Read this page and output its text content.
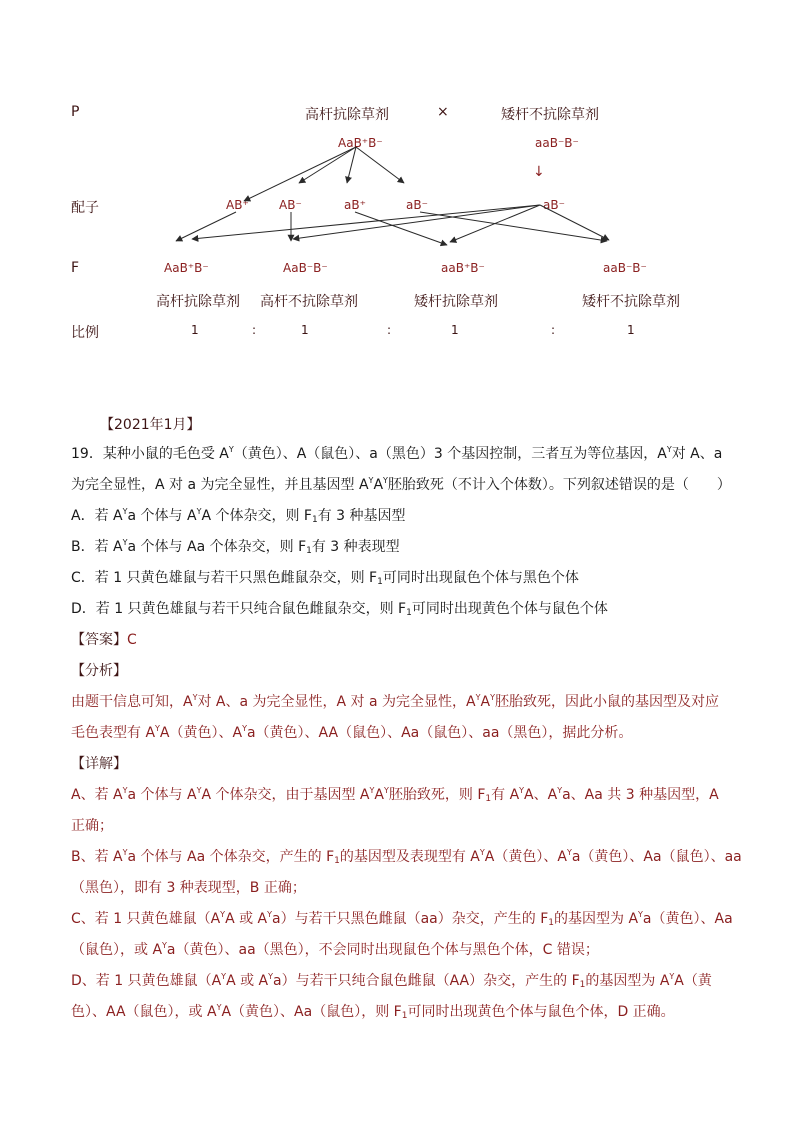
P	高杆抗除草剂	×	矮杆不抗除草剂
AaB⁺B⁻	aaB⁻B⁻
↓
配子	AB⁺	AB⁻	aB⁺	aB⁻	aB⁻
F	AaB⁺B⁻	AaB⁻B⁻	aaB⁺B⁻	aaB⁻B⁻
高杆抗除草剂 高杆不抗除草剂	矮杆抗除草剂	矮杆不抗除草剂
比例	1	:	1	:	1	:	1
【2021年1月】
19．某种小鼠的毛色受 $A^Y$（黄色）、A（鼠色）、a（黑色）3 个基因控制，三者互为等位基因，$A^Y$对 A、a
为完全显性，A 对 a 为完全显性，并且基因型 $A^YA^Y$胚胎致死（不计入个体数）。下列叙述错误的是（　　）
A．若 $A^Ya$ 个体与 $A^YA$ 个体杂交，则 $F_1$有 3 种基因型
B．若 $A^Ya$ 个体与 Aa 个体杂交，则 $F_1$有 3 种表现型
C．若 1 只黄色雄鼠与若干只黑色雌鼠杂交，则 $F_1$可同时出现鼠色个体与黑色个体
D．若 1 只黄色雄鼠与若干只纯合鼠色雌鼠杂交，则 $F_1$可同时出现黄色个体与鼠色个体
【答案】C
【分析】
由题干信息可知，$A^Y$对 A、a 为完全显性，A 对 a 为完全显性，$A^YA^Y$胚胎致死，因此小鼠的基因型及对应
毛色表型有 $A^YA$（黄色）、$A^Ya$（黄色）、AA（鼠色）、Aa（鼠色）、aa（黑色），据此分析。
【详解】
A、若 $A^Ya$ 个体与 $A^YA$ 个体杂交，由于基因型 $A^YA^Y$胚胎致死，则 $F_1$有 $A^YA$、$A^Ya$、Aa 共 3 种基因型，A
正确；
B、若 $A^Ya$ 个体与 Aa 个体杂交，产生的 $F_1$的基因型及表现型有 $A^YA$（黄色）、$A^Ya$（黄色）、Aa（鼠色）、aa
（黑色），即有 3 种表现型，B 正确；
C、若 1 只黄色雄鼠（$A^YA$ 或 $A^Ya$）与若干只黑色雌鼠（aa）杂交，产生的 $F_1$的基因型为 $A^Ya$（黄色）、Aa
（鼠色），或 $A^Ya$（黄色）、aa（黑色），不会同时出现鼠色个体与黑色个体，C 错误；
D、若 1 只黄色雄鼠（$A^YA$ 或 $A^Ya$）与若干只纯合鼠色雌鼠（AA）杂交，产生的 $F_1$的基因型为 $A^YA$（黄
色）、AA（鼠色），或 $A^YA$（黄色）、Aa（鼠色），则 $F_1$可同时出现黄色个体与鼠色个体，D 正确。
